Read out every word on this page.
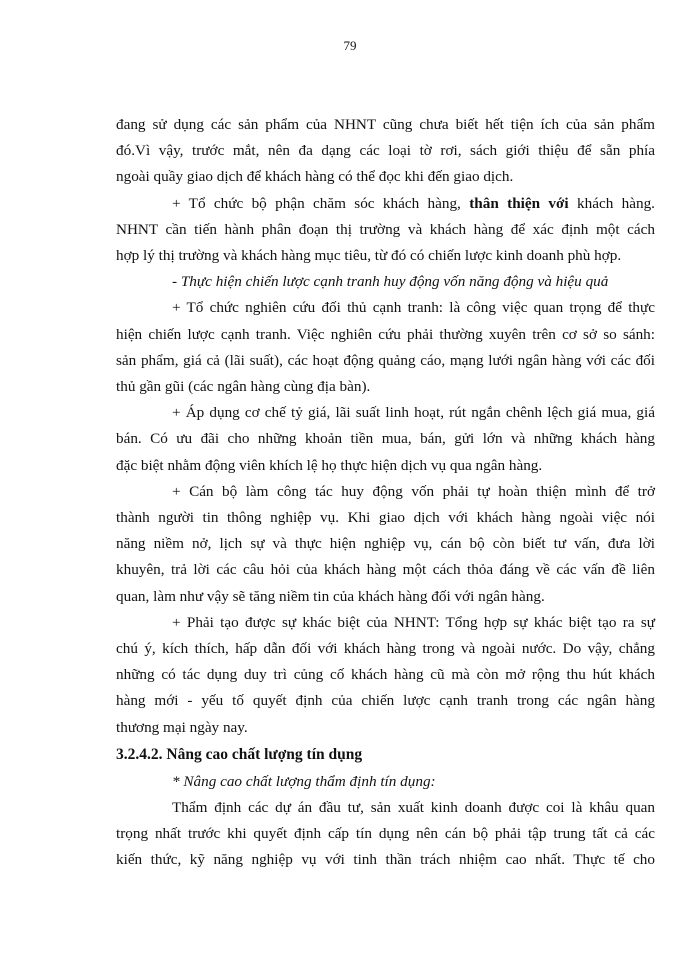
79
đang sử dụng các sản phẩm của NHNT cũng chưa biết hết tiện ích của sản phẩm
đó.Vì vậy, trước mắt, nên đa dạng các loại tờ rơi, sách giới thiệu để sẵn phía
ngoài quầy giao dịch để khách hàng có thể đọc khi đến giao dịch.
+ Tổ chức bộ phận chăm sóc khách hàng, thân thiện với khách hàng.
NHNT cần tiến hành phân đoạn thị trường và khách hàng để xác định một cách
hợp lý thị trường và khách hàng mục tiêu, từ đó có chiến lược kinh doanh phù hợp.
- Thực hiện chiến lược cạnh tranh huy động vốn năng động và hiệu quả
+ Tổ chức nghiên cứu đối thủ cạnh tranh: là công việc quan trọng để thực
hiện chiến lược cạnh tranh. Việc nghiên cứu phải thường xuyên trên cơ sở so sánh:
sản phẩm, giá cả (lãi suất), các hoạt động quảng cáo, mạng lưới ngân hàng với các đối
thủ gần gũi (các ngân hàng cùng địa bàn).
+ Áp dụng cơ chế tỷ giá, lãi suất linh hoạt, rút ngắn chênh lệch giá mua, giá
bán. Có ưu đãi cho những khoản tiền mua, bán, gửi lớn và những khách hàng
đặc biệt nhằm động viên khích lệ họ thực hiện dịch vụ qua ngân hàng.
+ Cán bộ làm công tác huy động vốn phải tự hoàn thiện mình để trở
thành người tin thông nghiệp vụ. Khi giao dịch với khách hàng ngoài việc nói
năng niềm nở, lịch sự và thực hiện nghiệp vụ, cán bộ còn biết tư vấn, đưa lời
khuyên, trả lời các câu hỏi của khách hàng một cách thỏa đáng về các vấn đề liên
quan, làm như vậy sẽ tăng niềm tin của khách hàng đối với ngân hàng.
+ Phải tạo được sự khác biệt của NHNT: Tổng hợp sự khác biệt tạo ra sự
chú ý, kích thích, hấp dẫn đối với khách hàng trong và ngoài nước. Do vậy, chẳng
những có tác dụng duy trì củng cố khách hàng cũ mà còn mở rộng thu hút khách
hàng mới - yếu tố quyết định của chiến lược cạnh tranh trong các ngân hàng
thương mại ngày nay.
3.2.4.2. Nâng cao chất lượng tín dụng
* Nâng cao chất lượng thẩm định tín dụng:
Thẩm định các dự án đầu tư, sản xuất kinh doanh được coi là khâu quan
trọng nhất trước khi quyết định cấp tín dụng nên cán bộ phải tập trung tất cả các
kiến thức, kỹ năng nghiệp vụ với tinh thần trách nhiệm cao nhất. Thực tế cho
